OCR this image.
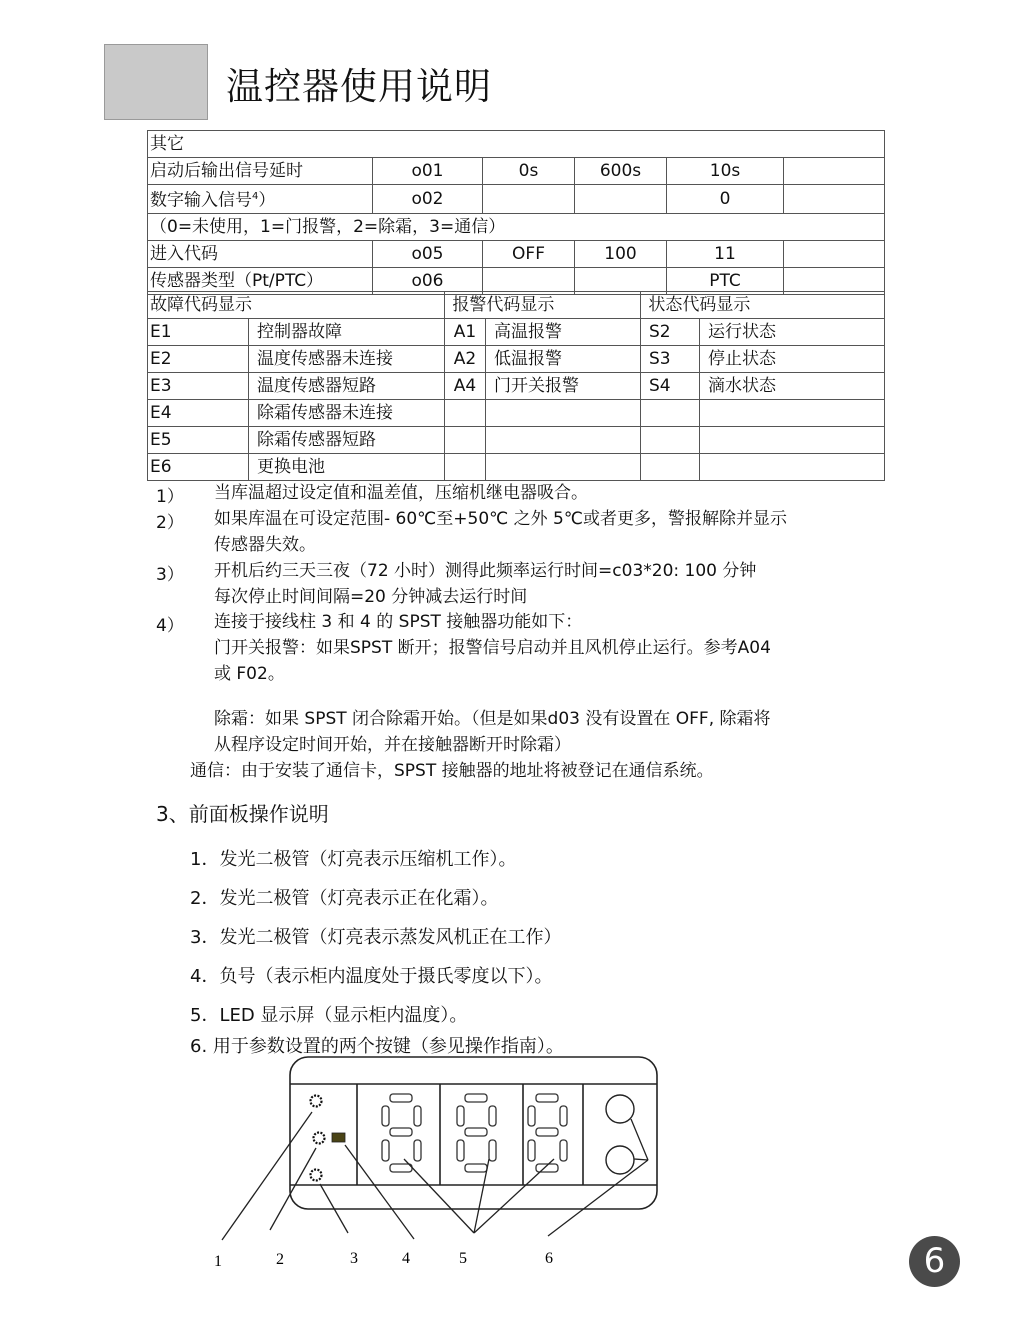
温控器使用说明
其它					
启动后输出信号延时	o01	0s	600s	10s	
数字输入信号$^4$）	o02			0	
（0=未使用，1=门报警，2=除霜，3=通信）					
进入代码	o05	OFF	100	11	
传感器类型（Pt/PTC）	o06			PTC	
故障代码显示		报警代码显示		状态代码显示	
E1	控制器故障	A1	高温报警	S2	运行状态
E2	温度传感器未连接	A2	低温报警	S3	停止状态
E3	温度传感器短路	A4	门开关报警	S4	滴水状态
E4	除霜传感器未连接				
E5	除霜传感器短路				
E6	更换电池				
1） 当库温超过设定值和温差值，压缩机继电器吸合。
2） 如果库温在可设定范围- 60℃至+50℃ 之外 5℃或者更多，警报解除并显示
传感器失效。
3） 开机后约三天三夜（72 小时）测得此频率运行时间=c03*20: 100 分钟
每次停止时间间隔=20 分钟减去运行时间
4） 连接于接线柱 3 和 4 的 SPST 接触器功能如下：
门开关报警：如果SPST 断开；报警信号启动并且风机停止运行。参考A04
或 F02。
除霜：如果 SPST 闭合除霜开始。（但是如果d03 没有设置在 OFF, 除霜将
从程序设定时间开始，并在接触器断开时除霜）
通信：由于安装了通信卡，SPST 接触器的地址将被登记在通信系统。
3、前面板操作说明
1．发光二极管（灯亮表示压缩机工作）。
2．发光二极管（灯亮表示正在化霜）。
3．发光二极管（灯亮表示蒸发风机正在工作）
4．负号（表示柜内温度处于摄氏零度以下）。
5．LED 显示屏（显示柜内温度）。
6. 用于参数设置的两个按键（参见操作指南）。
1	2	3	4	5	6	6
